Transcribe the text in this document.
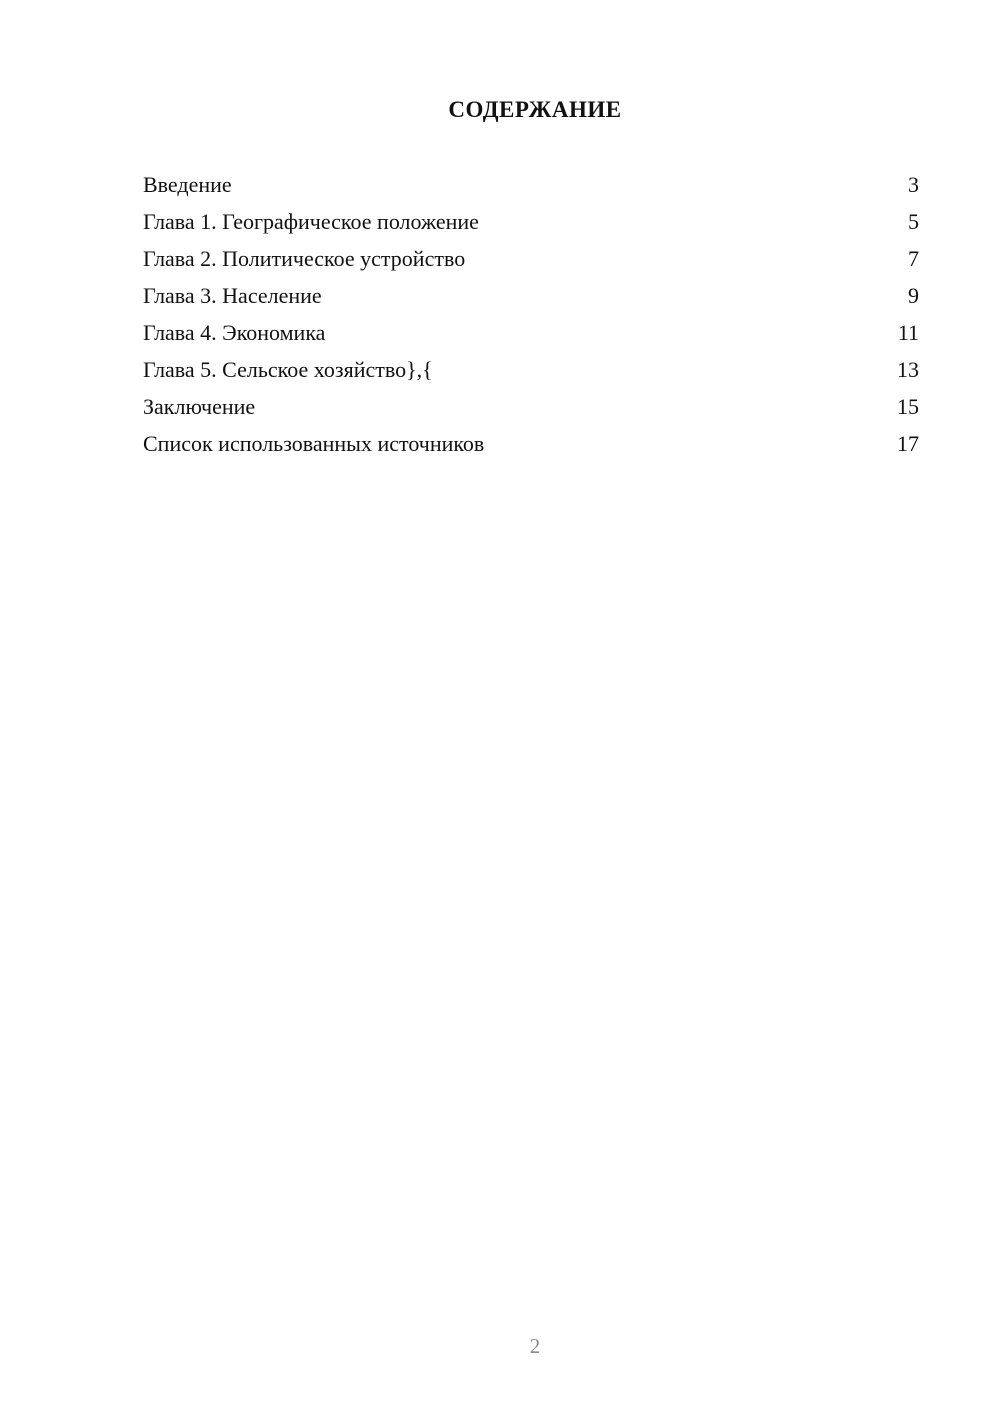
СОДЕРЖАНИЕ
Введение	3
Глава 1. Географическое положение	5
Глава 2. Политическое устройство	7
Глава 3. Население	9
Глава 4. Экономика	11
Глава 5. Сельское хозяйство},{	13
Заключение	15
Список использованных источников	17
2
